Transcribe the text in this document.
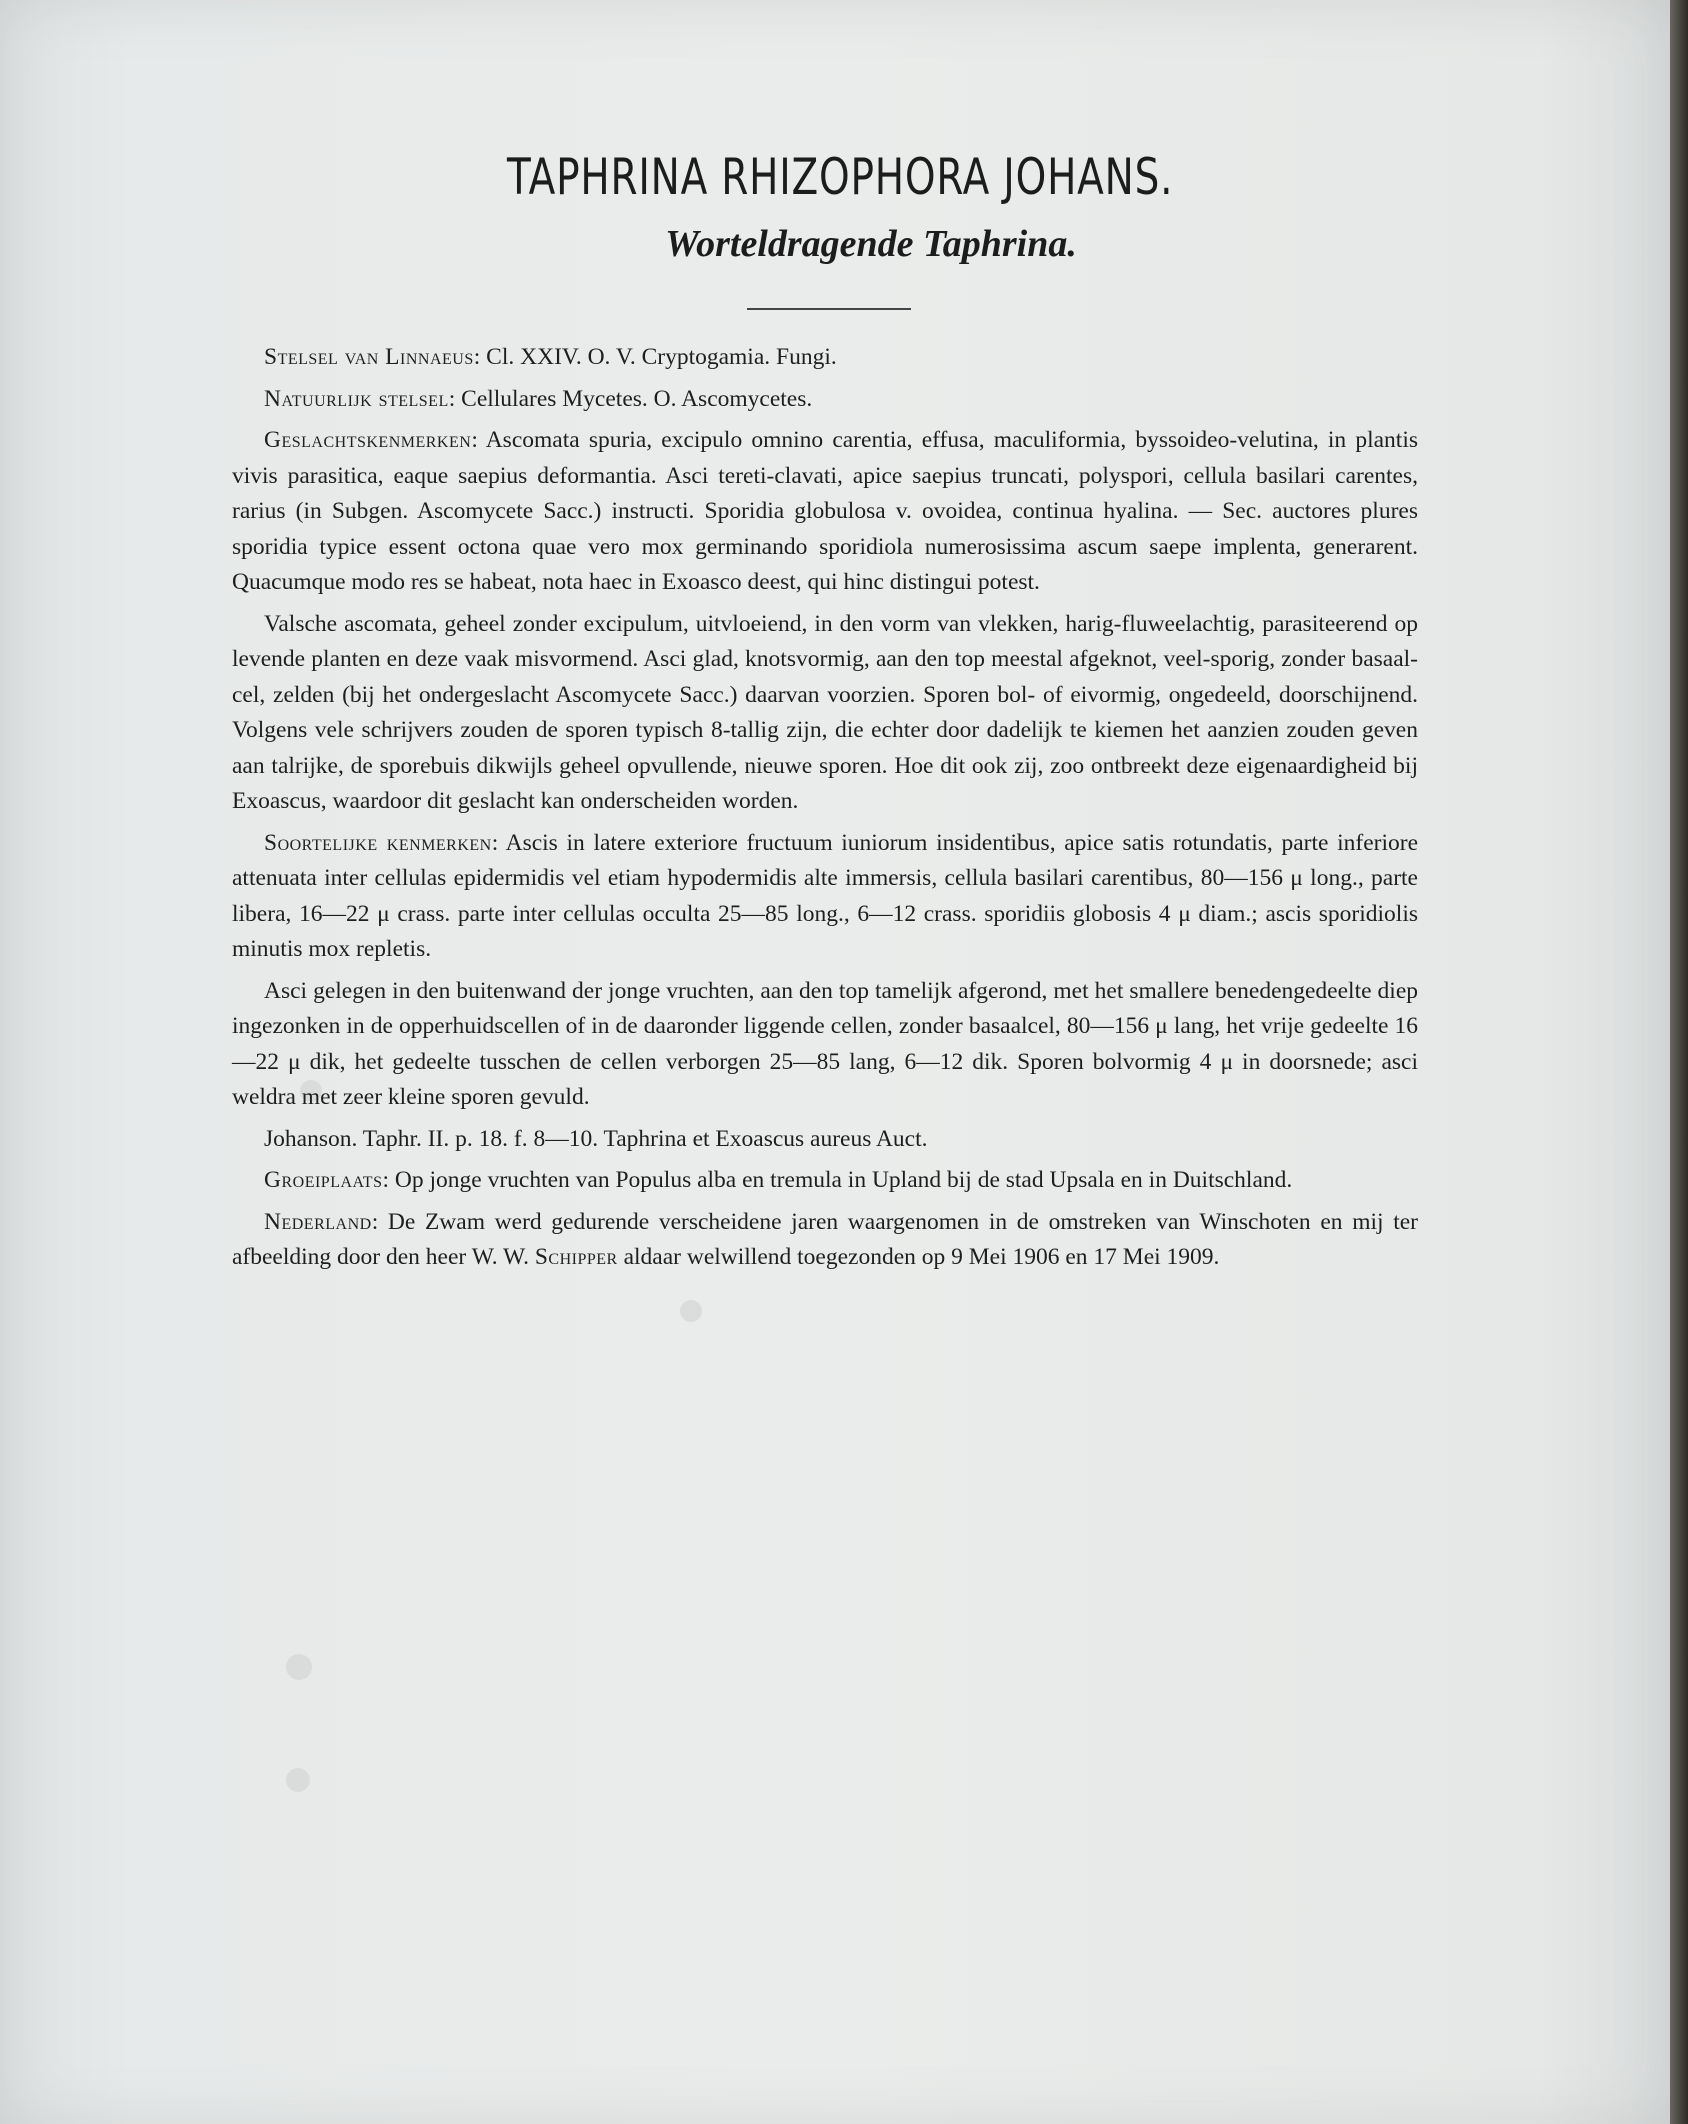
TAPHRINA RHIZOPHORA JOHANS.
Worteldragende Taphrina.

Stelsel van Linnaeus: Cl. XXIV. O. V. Cryptogamia. Fungi.

Natuurlijk stelsel: Cellulares Mycetes. O. Ascomycetes.

Geslachtskenmerken: Ascomata spuria, excipulo omnino carentia, effusa, maculiformia, byssoideo-velutina, in plantis vivis parasitica, eaque saepius deformantia. Asci tereti-clavati, apice saepius truncati, polyspori, cellula basilari carentes, rarius (in Subgen. Ascomycete Sacc.) instructi. Sporidia globulosa v. ovoidea, continua hyalina. — Sec. auctores plures sporidia typice essent octona quae vero mox germinando sporidiola numerosissima ascum saepe implenta, generarent. Quacumque modo res se habeat, nota haec in Exoasco deest, qui hinc distingui potest.

Valsche ascomata, geheel zonder excipulum, uitvloeiend, in den vorm van vlekken, harig-fluweelachtig, parasiteerend op levende planten en deze vaak misvormend. Asci glad, knotsvormig, aan den top meestal afgeknot, veel-sporig, zonder basaal-cel, zelden (bij het ondergeslacht Ascomycete Sacc.) daarvan voorzien. Sporen bol- of eivormig, ongedeeld, doorschijnend. Volgens vele schrijvers zouden de sporen typisch 8-tallig zijn, die echter door dadelijk te kiemen het aanzien zouden geven aan talrijke, de sporebuis dikwijls geheel opvullende, nieuwe sporen. Hoe dit ook zij, zoo ontbreekt deze eigenaardigheid bij Exoascus, waardoor dit geslacht kan onderscheiden worden.

Soortelijke kenmerken: Ascis in latere exteriore fructuum iuniorum insidentibus, apice satis rotundatis, parte inferiore attenuata inter cellulas epidermidis vel etiam hypodermidis alte immersis, cellula basilari carentibus, 80—156 μ long., parte libera, 16—22 μ crass. parte inter cellulas occulta 25—85 long., 6—12 crass. sporidiis globosis 4 μ diam.; ascis sporidiolis minutis mox repletis.

Asci gelegen in den buitenwand der jonge vruchten, aan den top tamelijk afgerond, met het smallere benedengedeelte diep ingezonken in de opperhuidscellen of in de daaronder liggende cellen, zonder basaalcel, 80—156 μ lang, het vrije gedeelte 16—22 μ dik, het gedeelte tusschen de cellen verborgen 25—85 lang, 6—12 dik. Sporen bolvormig 4 μ in doorsnede; asci weldra met zeer kleine sporen gevuld.

Johanson. Taphr. II. p. 18. f. 8—10. Taphrina et Exoascus aureus Auct.

Groeiplaats: Op jonge vruchten van Populus alba en tremula in Upland bij de stad Upsala en in Duitschland.

Nederland: De Zwam werd gedurende verscheidene jaren waargenomen in de omstreken van Winschoten en mij ter afbeelding door den heer W. W. Schipper aldaar welwillend toegezonden op 9 Mei 1906 en 17 Mei 1909.
